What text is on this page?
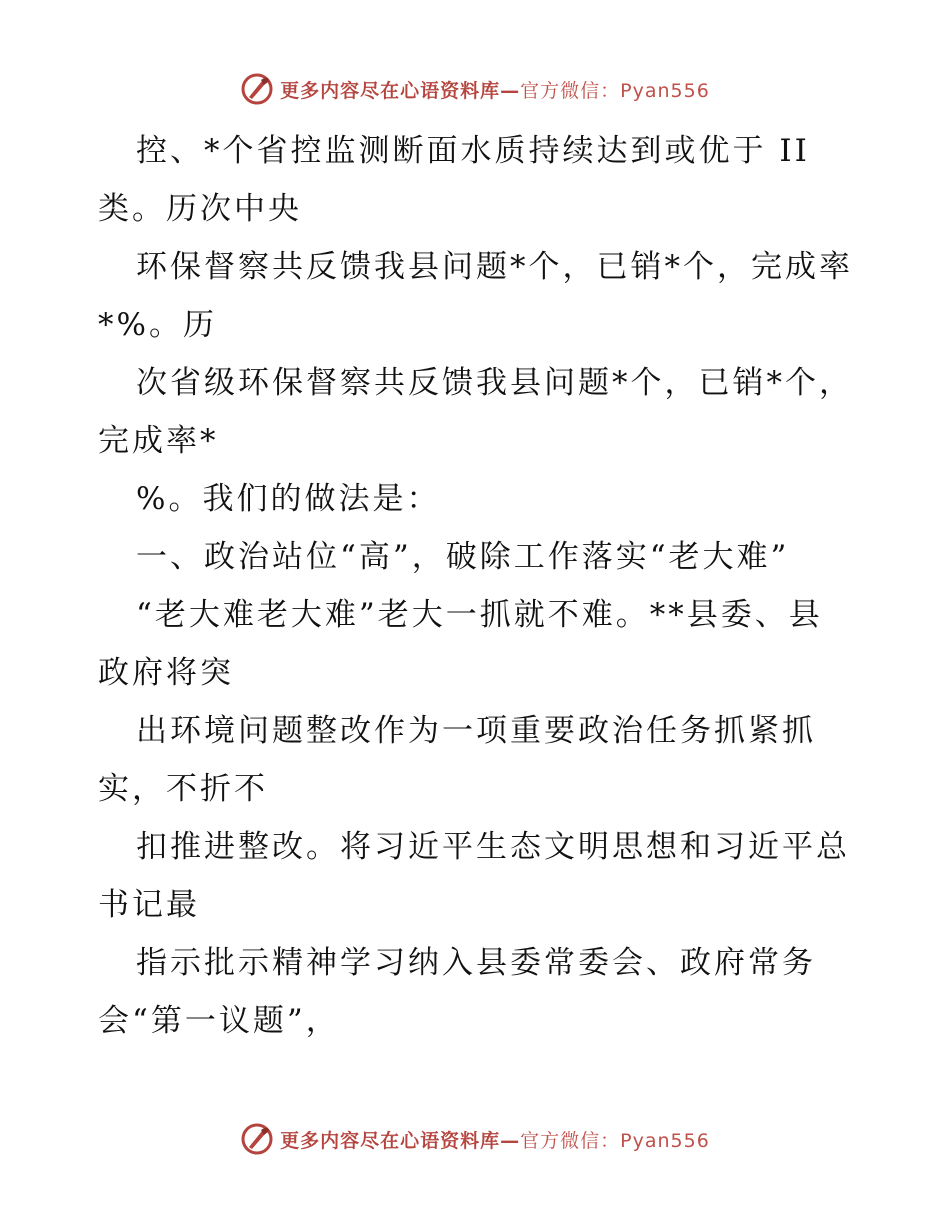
更多内容尽在心语资料库—官方微信：Pyan556
控、*个省控监测断面水质持续达到或优于 II
类。历次中央
环保督察共反馈我县问题*个，已销*个，完成率
*%。历
次省级环保督察共反馈我县问题*个，已销*个，
完成率*
%。我们的做法是：
一、政治站位“高”，破除工作落实“老大难”
“老大难老大难”老大一抓就不难。**县委、县
政府将突
出环境问题整改作为一项重要政治任务抓紧抓
实，不折不
扣推进整改。将习近平生态文明思想和习近平总
书记最
指示批示精神学习纳入县委常委会、政府常务
会“第一议题”，
更多内容尽在心语资料库—官方微信：Pyan556
